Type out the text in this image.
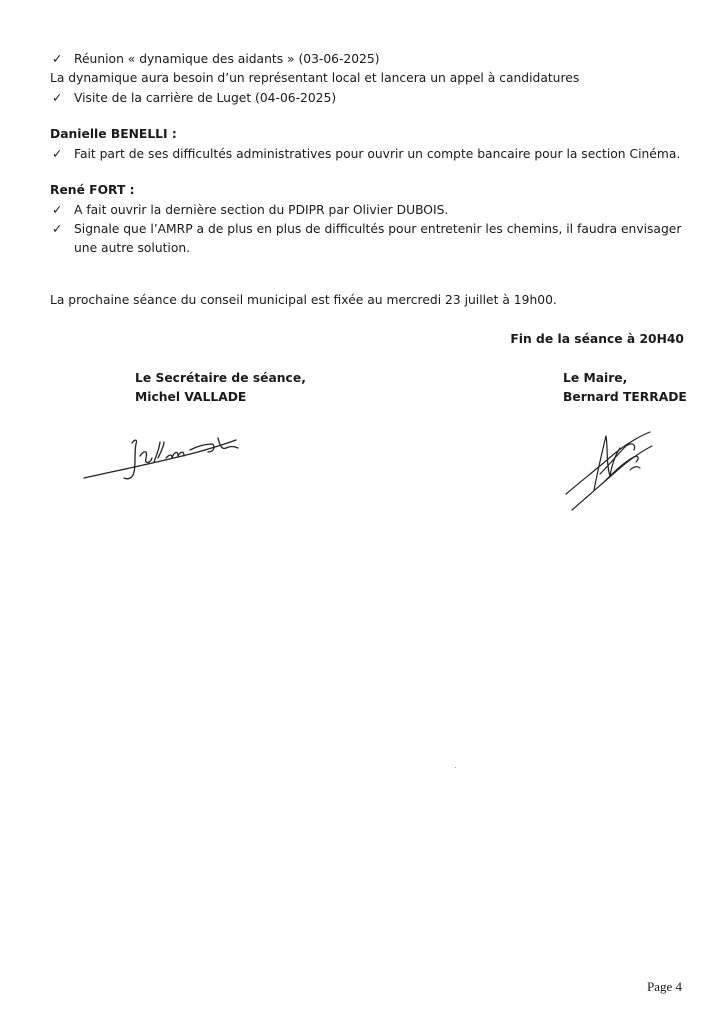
✓ Réunion « dynamique des aidants » (03-06-2025)
La dynamique aura besoin d’un représentant local et lancera un appel à candidatures
✓ Visite de la carrière de Luget (04-06-2025)
Danielle BENELLI :
✓ Fait part de ses difficultés administratives pour ouvrir un compte bancaire pour la section Cinéma.
René FORT :
✓ A fait ouvrir la dernière section du PDIPR par Olivier DUBOIS.
✓ Signale que l’AMRP a de plus en plus de difficultés pour entretenir les chemins, il faudra envisager
une autre solution.
La prochaine séance du conseil municipal est fixée au mercredi 23 juillet à 19h00.
Fin de la séance à 20H40
Le Secrétaire de séance,
Michel VALLADE
Le Maire,
Bernard TERRADE
Page 4
